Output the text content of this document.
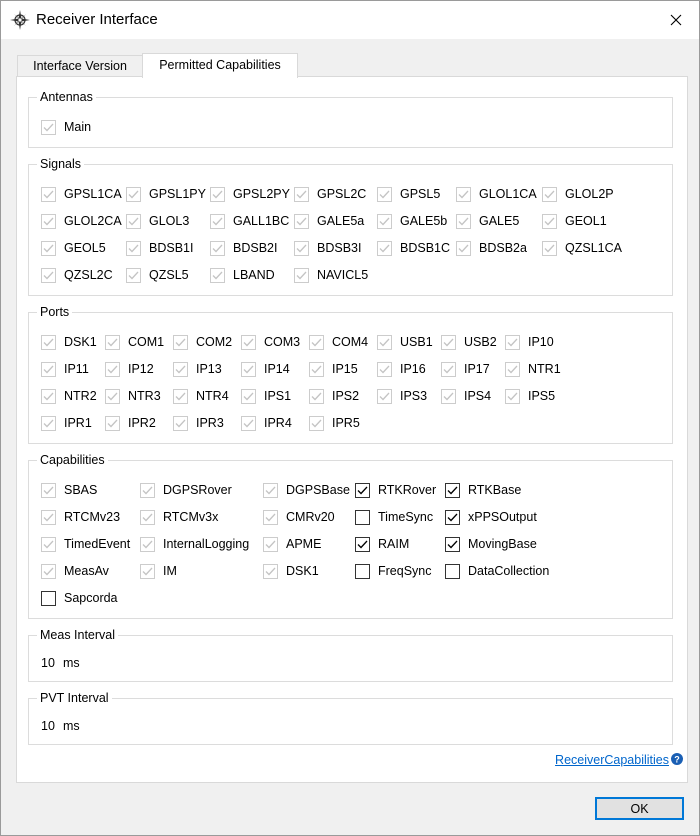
Receiver Interface
Interface Version	Permitted Capabilities
Antennas
Main
Signals
GPSL1CA GPSL1PY GPSL2PY GPSL2C	GPSL5	GLOL1CA GLOL2P
GLOL2CA GLOL3	GALL1BC GALE5a	GALE5b	GALE5	GEOL1
GEOL5	BDSB1I	BDSB2I	BDSB3I	BDSB1C BDSB2a	QZSL1CA
QZSL2C	QZSL5	LBAND	NAVICL5
Ports
DSK1	COM1	COM2	COM3	COM4	USB1	USB2	IP10
IP11	IP12	IP13	IP14	IP15	IP16	IP17	NTR1
NTR2	NTR3	NTR4	IPS1	IPS2	IPS3	IPS4	IPS5
IPR1	IPR2	IPR3	IPR4	IPR5
Capabilities
SBAS	DGPSRover	DGPSBase RTKRover	RTKBase
RTCMv23	RTCMv3x	CMRv20	TimeSync	xPPSOutput
TimedEvent	InternalLogging	APME	RAIM	MovingBase
MeasAv	IM	DSK1	FreqSync	DataCollection
Sapcorda
Meas Interval
10 ms
PVT Interval
10 ms
ReceiverCapabilities ?
OK
